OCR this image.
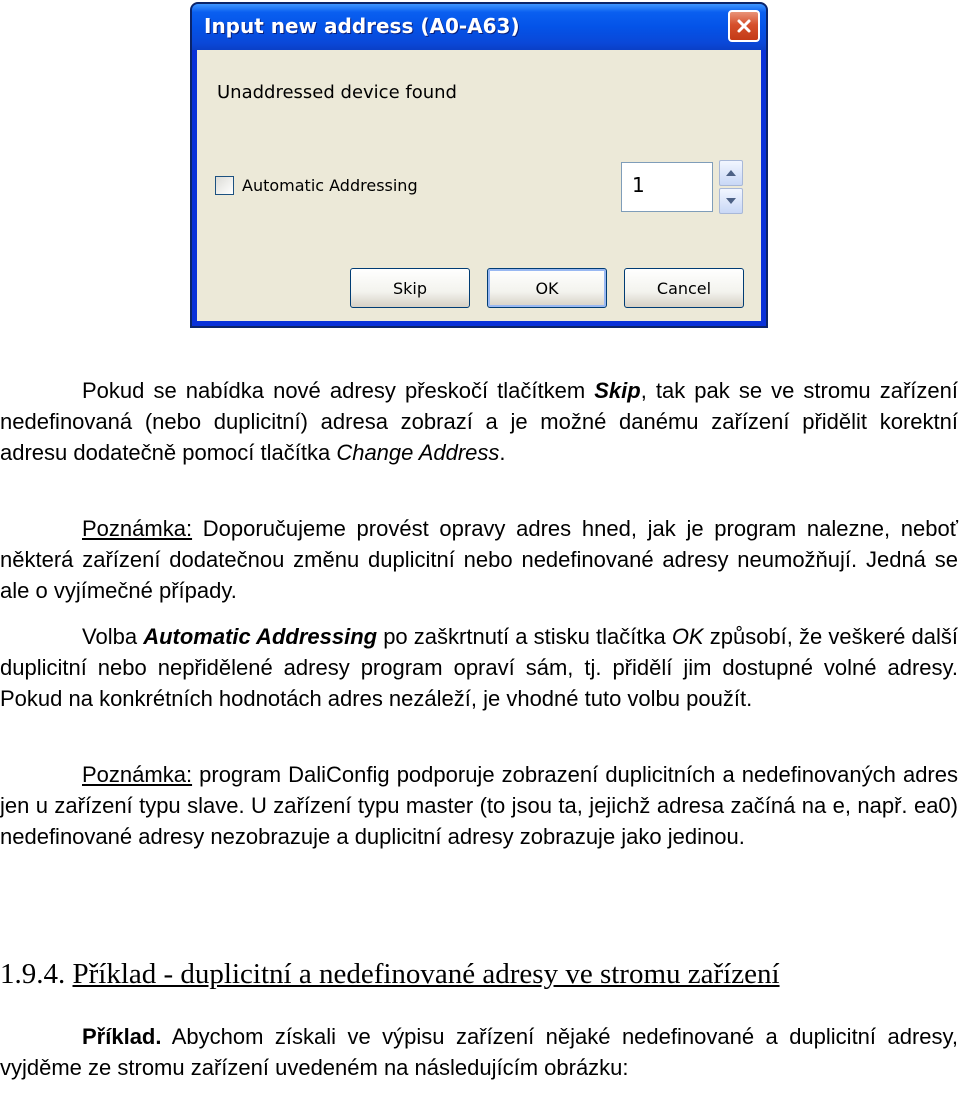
Input new address (A0-A63)
Unaddressed device found
Automatic Addressing	1
Skip	OK	Cancel

Pokud se nabídka nové adresy přeskočí tlačítkem Skip, tak pak se ve stromu zařízení nedefinovaná (nebo duplicitní) adresa zobrazí a je možné danému zařízení přidělit korektní adresu dodatečně pomocí tlačítka Change Address.

Poznámka: Doporučujeme provést opravy adres hned, jak je program nalezne, neboť některá zařízení dodatečnou změnu duplicitní nebo nedefinované adresy neumožňují. Jedná se ale o vyjímečné případy.

Volba Automatic Addressing po zaškrtnutí a stisku tlačítka OK způsobí, že veškeré další duplicitní nebo nepřidělené adresy program opraví sám, tj. přidělí jim dostupné volné adresy. Pokud na konkrétních hodnotách adres nezáleží, je vhodné tuto volbu použít.

Poznámka: program DaliConfig podporuje zobrazení duplicitních a nedefinovaných adres jen u zařízení typu slave. U zařízení typu master (to jsou ta, jejichž adresa začíná na e, např. ea0) nedefinované adresy nezobrazuje a duplicitní adresy zobrazuje jako jedinou.

1.9.4. Příklad - duplicitní a nedefinované adresy ve stromu zařízení

Příklad. Abychom získali ve výpisu zařízení nějaké nedefinované a duplicitní adresy, vyjděme ze stromu zařízení uvedeném na následujícím obrázku:
